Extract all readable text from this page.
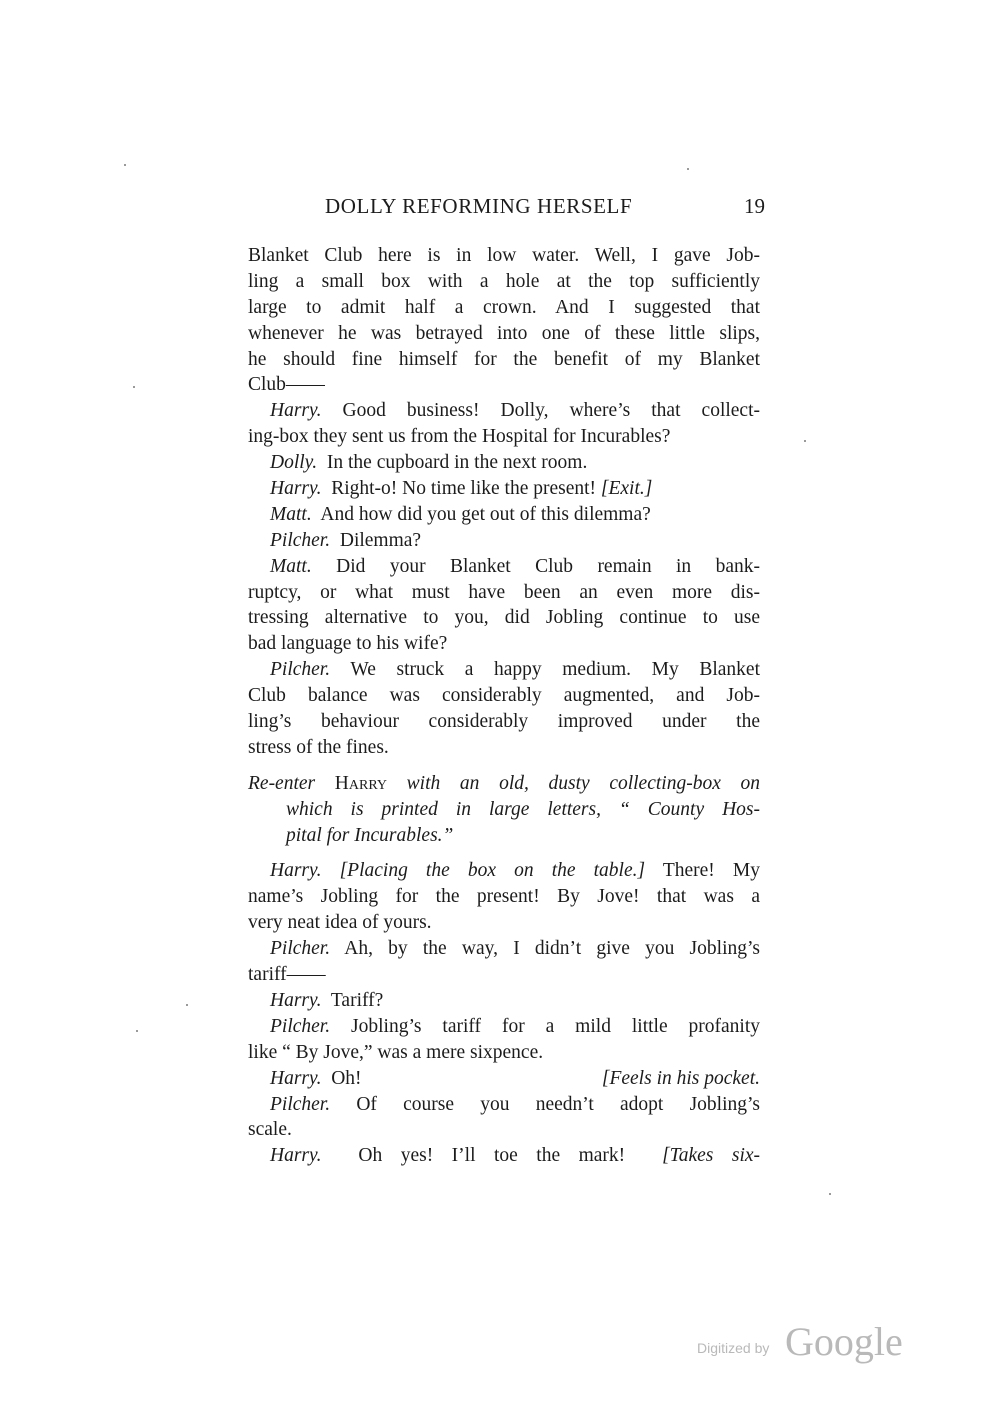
DOLLY REFORMING HERSELF	19
Blanket Club here is in low water. Well, I gave Job-
ling a small box with a hole at the top sufficiently
large to admit half a crown. And I suggested that
whenever he was betrayed into one of these little slips,
he should fine himself for the benefit of my Blanket
Club——
Harry. Good business! Dolly, where’s that collect-
ing-box they sent us from the Hospital for Incurables?
Dolly. In the cupboard in the next room.
Harry. Right-o! No time like the present! [Exit.]
Matt. And how did you get out of this dilemma?
Pilcher. Dilemma?
Matt. Did your Blanket Club remain in bank-
ruptcy, or what must have been an even more dis-
tressing alternative to you, did Jobling continue to use
bad language to his wife?
Pilcher. We struck a happy medium. My Blanket
Club balance was considerably augmented, and Job-
ling’s behaviour considerably improved under the
stress of the fines.
Re-enter Harry with an old, dusty collecting-box on
which is printed in large letters, “ County Hos-
pital for Incurables.”
Harry. [Placing the box on the table.] There! My
name’s Jobling for the present! By Jove! that was a
very neat idea of yours.
Pilcher. Ah, by the way, I didn’t give you Jobling’s
tariff——
Harry. Tariff?
Pilcher. Jobling’s tariff for a mild little profanity
like “ By Jove,” was a mere sixpence.
Harry. Oh!	[Feels in his pocket.
Pilcher. Of course you needn’t adopt Jobling’s
scale.
Harry. Oh yes! I’ll toe the mark! [Takes six-
Digitized by Google
